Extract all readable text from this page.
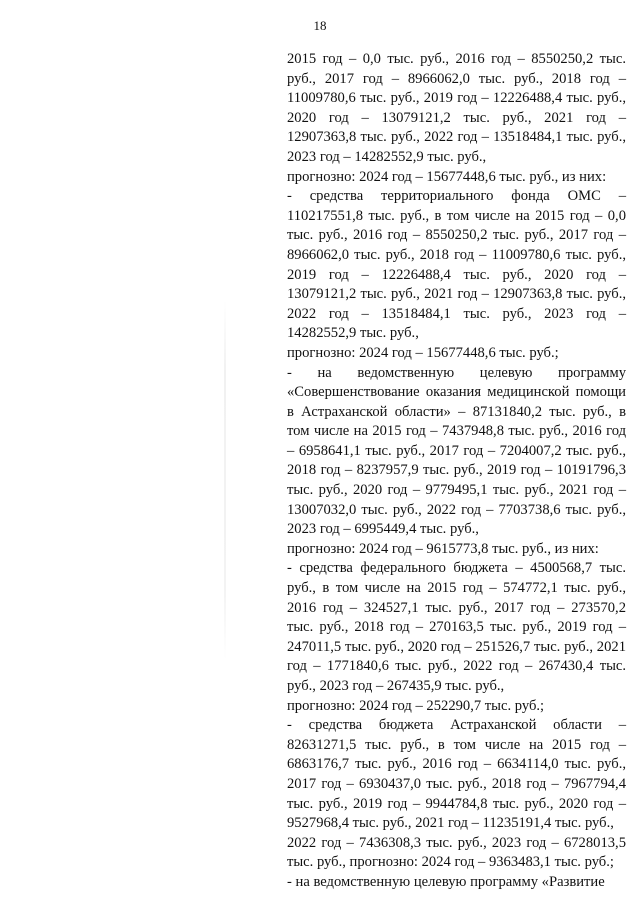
18

2015 год – 0,0 тыс. руб., 2016 год – 8550250,2 тыс. руб., 2017 год – 8966062,0 тыс. руб., 2018 год – 11009780,6 тыс. руб., 2019 год – 12226488,4 тыс. руб., 2020 год – 13079121,2 тыс. руб., 2021 год – 12907363,8 тыс. руб., 2022 год – 13518484,1 тыс. руб., 2023 год – 14282552,9 тыс. руб.,

прогнозно: 2024 год – 15677448,6 тыс. руб., из них:

- средства территориального фонда ОМС – 110217551,8 тыс. руб., в том числе на 2015 год – 0,0 тыс. руб., 2016 год – 8550250,2 тыс. руб., 2017 год – 8966062,0 тыс. руб., 2018 год – 11009780,6 тыс. руб., 2019 год – 12226488,4 тыс. руб., 2020 год – 13079121,2 тыс. руб., 2021 год – 12907363,8 тыс. руб., 2022 год – 13518484,1 тыс. руб., 2023 год – 14282552,9 тыс. руб.,

прогнозно: 2024 год – 15677448,6 тыс. руб.;

- на ведомственную целевую программу «Совершенствование оказания медицинской помощи в Астраханской области» – 87131840,2 тыс. руб., в том числе на 2015 год – 7437948,8 тыс. руб., 2016 год – 6958641,1 тыс. руб., 2017 год – 7204007,2 тыс. руб., 2018 год – 8237957,9 тыс. руб., 2019 год – 10191796,3 тыс. руб., 2020 год – 9779495,1 тыс. руб., 2021 год – 13007032,0 тыс. руб., 2022 год – 7703738,6 тыс. руб., 2023 год – 6995449,4 тыс. руб.,

прогнозно: 2024 год – 9615773,8 тыс. руб., из них:

- средства федерального бюджета – 4500568,7 тыс. руб., в том числе на 2015 год – 574772,1 тыс. руб., 2016 год – 324527,1 тыс. руб., 2017 год – 273570,2 тыс. руб., 2018 год – 270163,5 тыс. руб., 2019 год – 247011,5 тыс. руб., 2020 год – 251526,7 тыс. руб., 2021 год – 1771840,6 тыс. руб., 2022 год – 267430,4 тыс. руб., 2023 год – 267435,9 тыс. руб.,

прогнозно: 2024 год – 252290,7 тыс. руб.;

- средства бюджета Астраханской области – 82631271,5 тыс. руб., в том числе на 2015 год – 6863176,7 тыс. руб., 2016 год – 6634114,0 тыс. руб., 2017 год – 6930437,0 тыс. руб., 2018 год – 7967794,4 тыс. руб., 2019 год – 9944784,8 тыс. руб., 2020 год – 9527968,4 тыс. руб., 2021 год – 11235191,4 тыс. руб.,

2022 год – 7436308,3 тыс. руб., 2023 год – 6728013,5 тыс. руб., прогнозно: 2024 год – 9363483,1 тыс. руб.;

- на ведомственную целевую программу «Развитие
